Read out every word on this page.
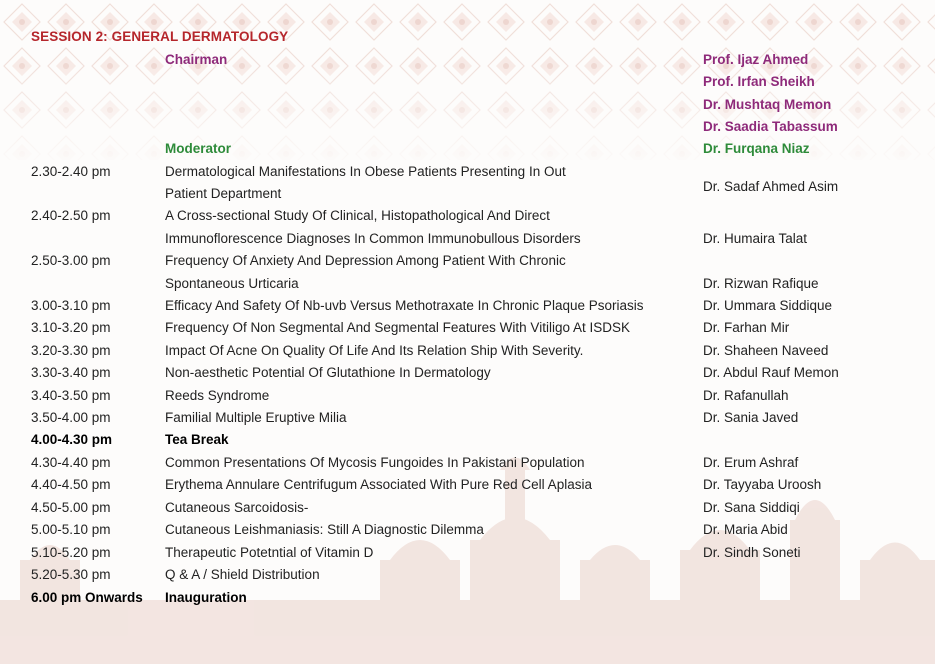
SESSION 2: GENERAL DERMATOLOGY
Chairman	Prof. Ijaz Ahmed
Prof. Irfan Sheikh
Dr. Mushtaq Memon
Dr. Saadia Tabassum
Moderator	Dr. Furqana Niaz
2.30-2.40 pm	Dermatological Manifestations In Obese Patients Presenting In Out
Patient Department	Dr. Sadaf Ahmed Asim
2.40-2.50 pm	A Cross-sectional Study Of Clinical, Histopathological And Direct
Immunoflorescence Diagnoses In Common Immunobullous Disorders	Dr. Humaira Talat
2.50-3.00 pm	Frequency Of Anxiety And Depression Among Patient With Chronic
Spontaneous Urticaria	Dr. Rizwan Rafique
3.00-3.10 pm	Efficacy And Safety Of Nb-uvb Versus Methotraxate In Chronic Plaque Psoriasis	Dr. Ummara Siddique
3.10-3.20 pm	Frequency Of Non Segmental And Segmental Features With Vitiligo At ISDSK	Dr. Farhan Mir
3.20-3.30 pm	Impact Of Acne On Quality Of Life And Its Relation Ship With Severity.	Dr. Shaheen Naveed
3.30-3.40 pm	Non-aesthetic Potential Of Glutathione In Dermatology	Dr. Abdul Rauf Memon
3.40-3.50 pm	Reeds Syndrome	Dr. Rafanullah
3.50-4.00 pm	Familial Multiple Eruptive Milia	Dr. Sania Javed
4.00-4.30 pm	Tea Break
4.30-4.40 pm	Common Presentations Of Mycosis Fungoides In Pakistani Population	Dr. Erum Ashraf
4.40-4.50 pm	Erythema Annulare Centrifugum Associated With Pure Red Cell Aplasia	Dr. Tayyaba Uroosh
4.50-5.00 pm	Cutaneous Sarcoidosis-	Dr. Sana Siddiqi
5.00-5.10 pm	Cutaneous Leishmaniasis: Still A Diagnostic Dilemma	Dr. Maria Abid
5.10-5.20 pm	Therapeutic Potetntial of Vitamin D	Dr. Sindh Soneti
5.20-5.30 pm	Q & A / Shield Distribution
6.00 pm Onwards Inauguration
